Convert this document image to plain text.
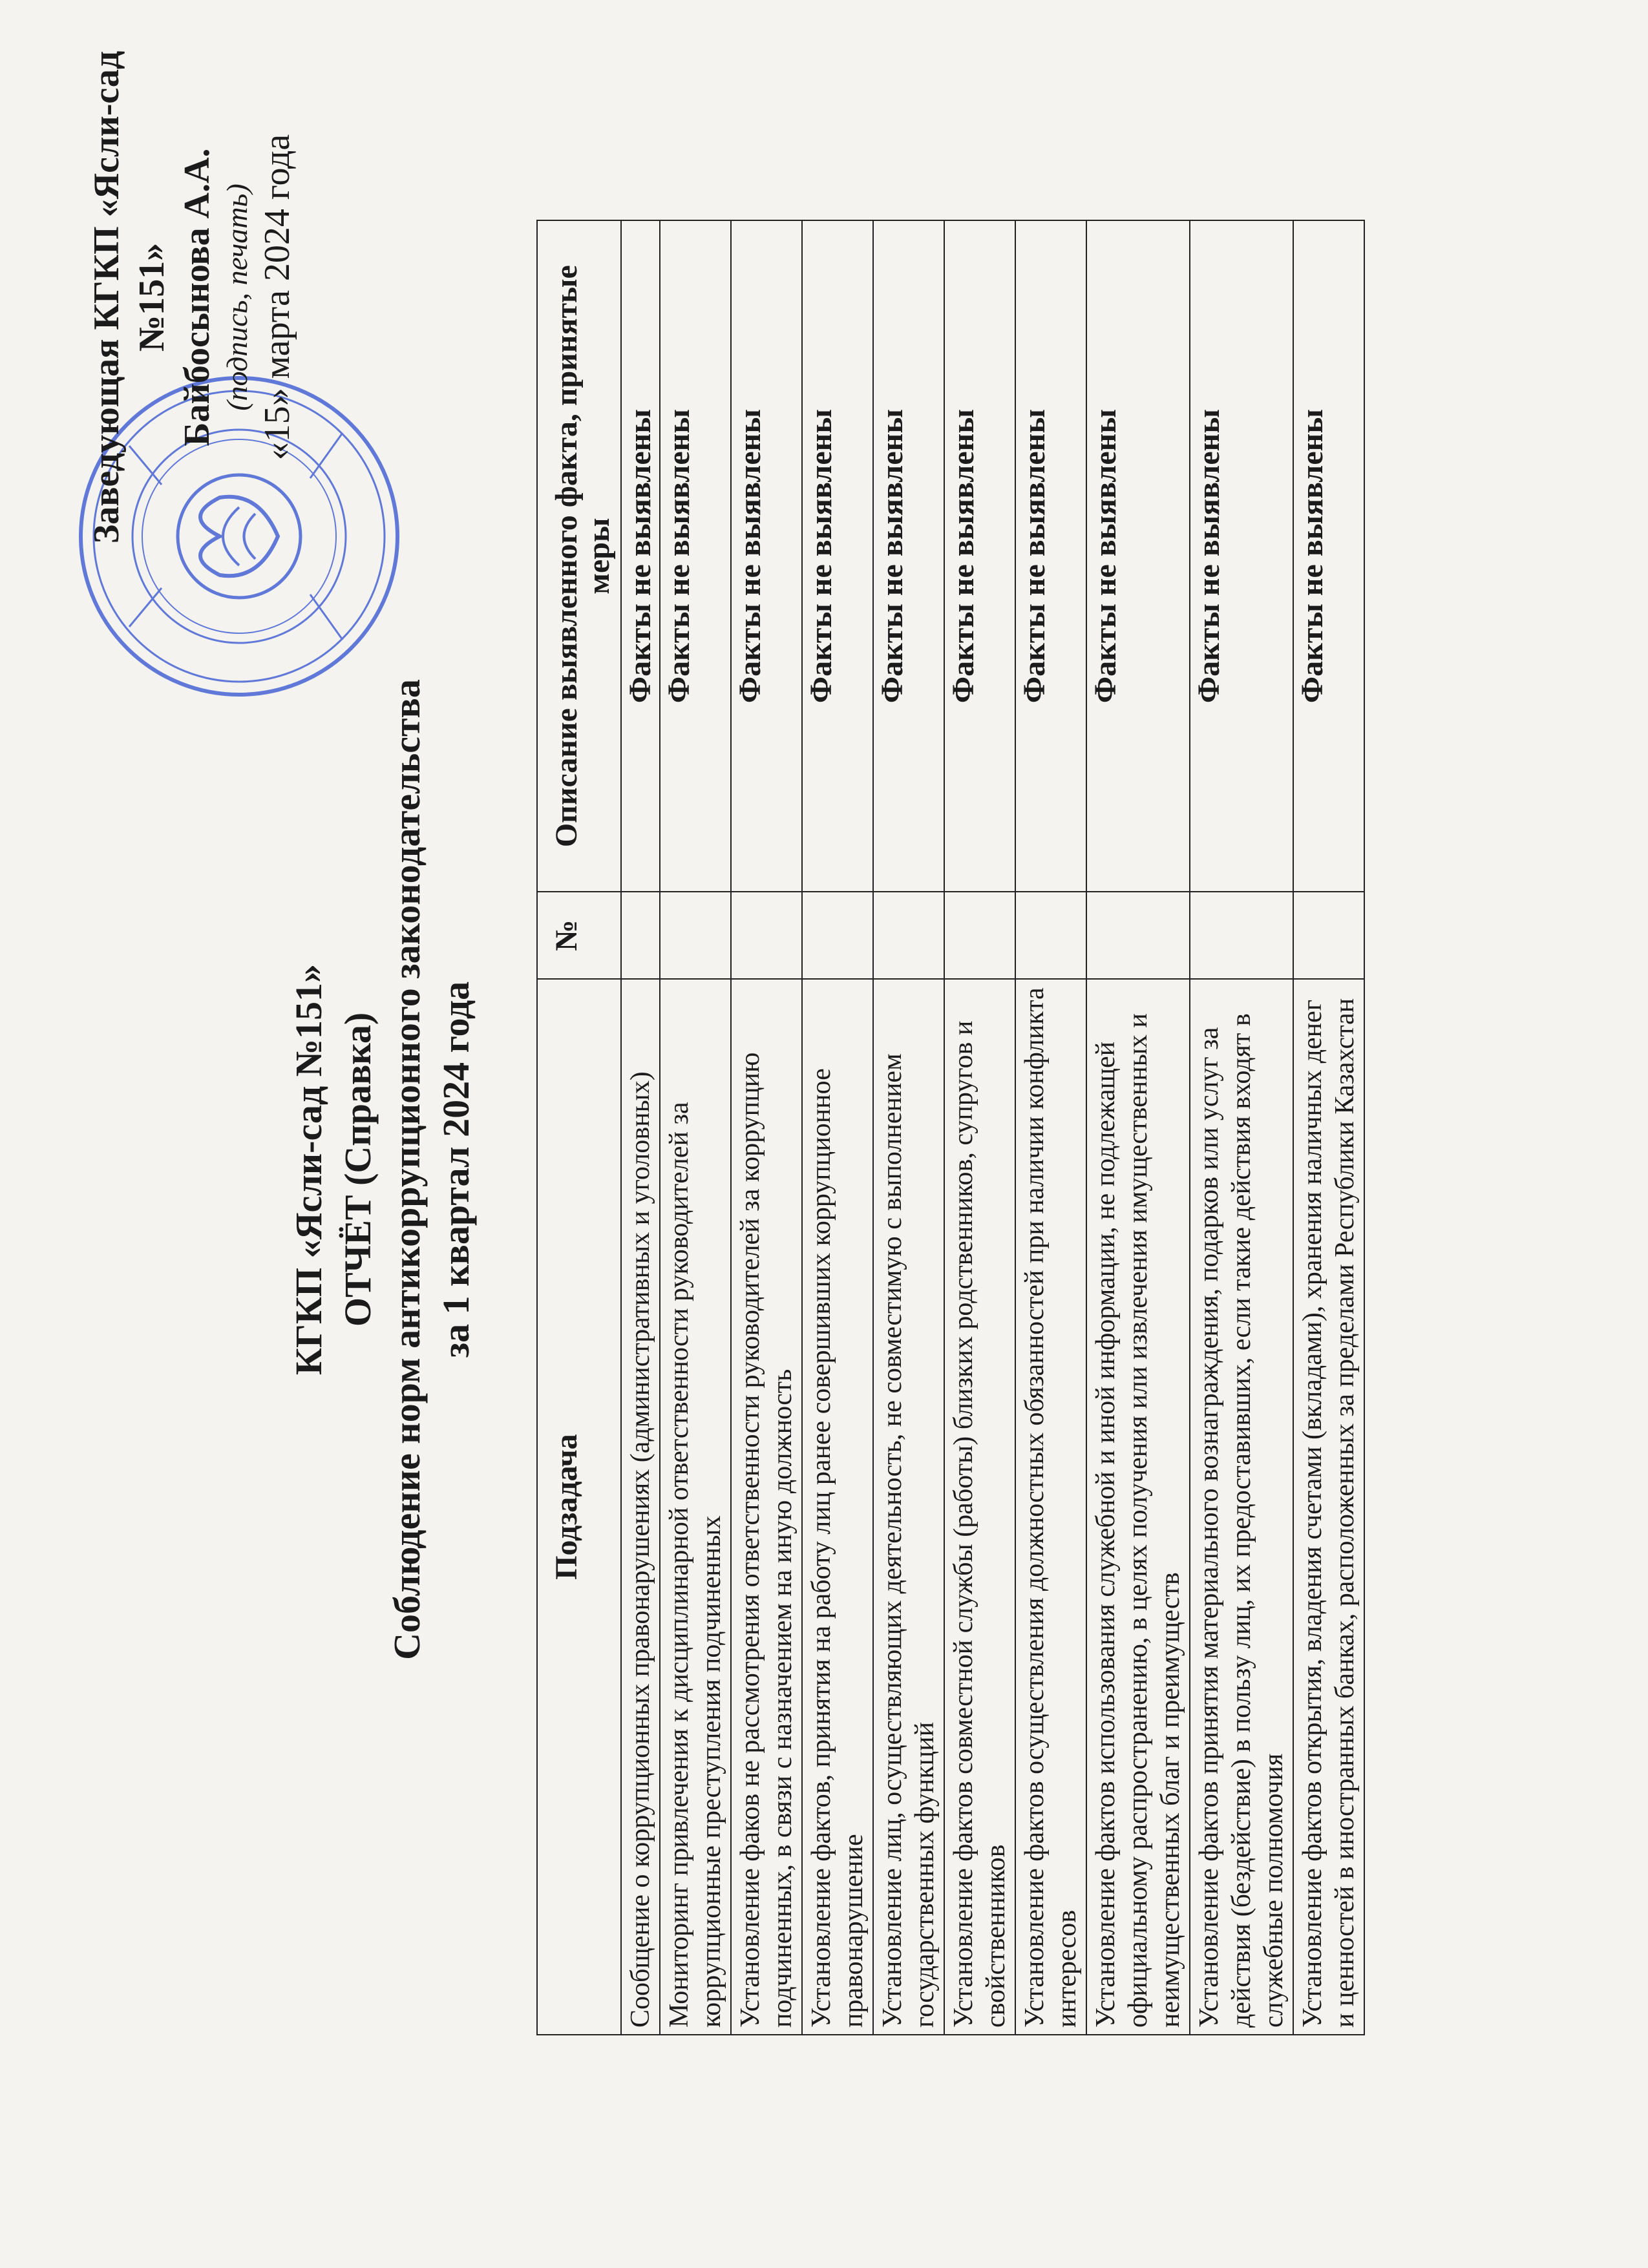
Заведующая КГКП «Ясли-сад №151» Байбосынова А.А. (подпись, печать) «15» марта 2024 года
КГКП «Ясли-сад №151» ОТЧЁТ (Справка) Соблюдение норм антикоррупционного законодательства за 1 квартал 2024 года
Подзадача	№	Описание выявленного факта, принятые меры
Сообщение о коррупционных правонарушениях (административных и уголовных)		Факты не выявлены
Мониторинг привлечения к дисциплинарной ответственности руководителей за коррупционные преступления подчиненных		Факты не выявлены
Установление факов не рассмотрения ответственности руководителей за коррупцию подчиненных, в связи с назначением на иную должность		Факты не выявлены
Установление фактов, принятия на работу лиц ранее совершивших коррупционное правонарушение		Факты не выявлены
Установление лиц, осуществляющих деятельность, не совместимую с выполнением государственных функций		Факты не выявлены
Установление фактов совместной службы (работы) близких родственников, супругов и свойственников		Факты не выявлены
Установление фактов осуществления должностных обязанностей при наличии конфликта интересов		Факты не выявлены
Установление фактов использования служебной и иной информации, не подлежащей официальному распространению, в целях получения или извлечения имущественных и неимущественных благ и преимуществ		Факты не выявлены
Установление фактов принятия материального вознаграждения, подарков или услуг за действия (бездействие) в пользу лиц, их предоставивших, если такие действия входят в служебные полномочия		Факты не выявлены
Установление фактов открытия, владения счетами (вкладами), хранения наличных денег и ценностей в иностранных банках, расположенных за пределами Республики Казахстан		Факты не выявлены
